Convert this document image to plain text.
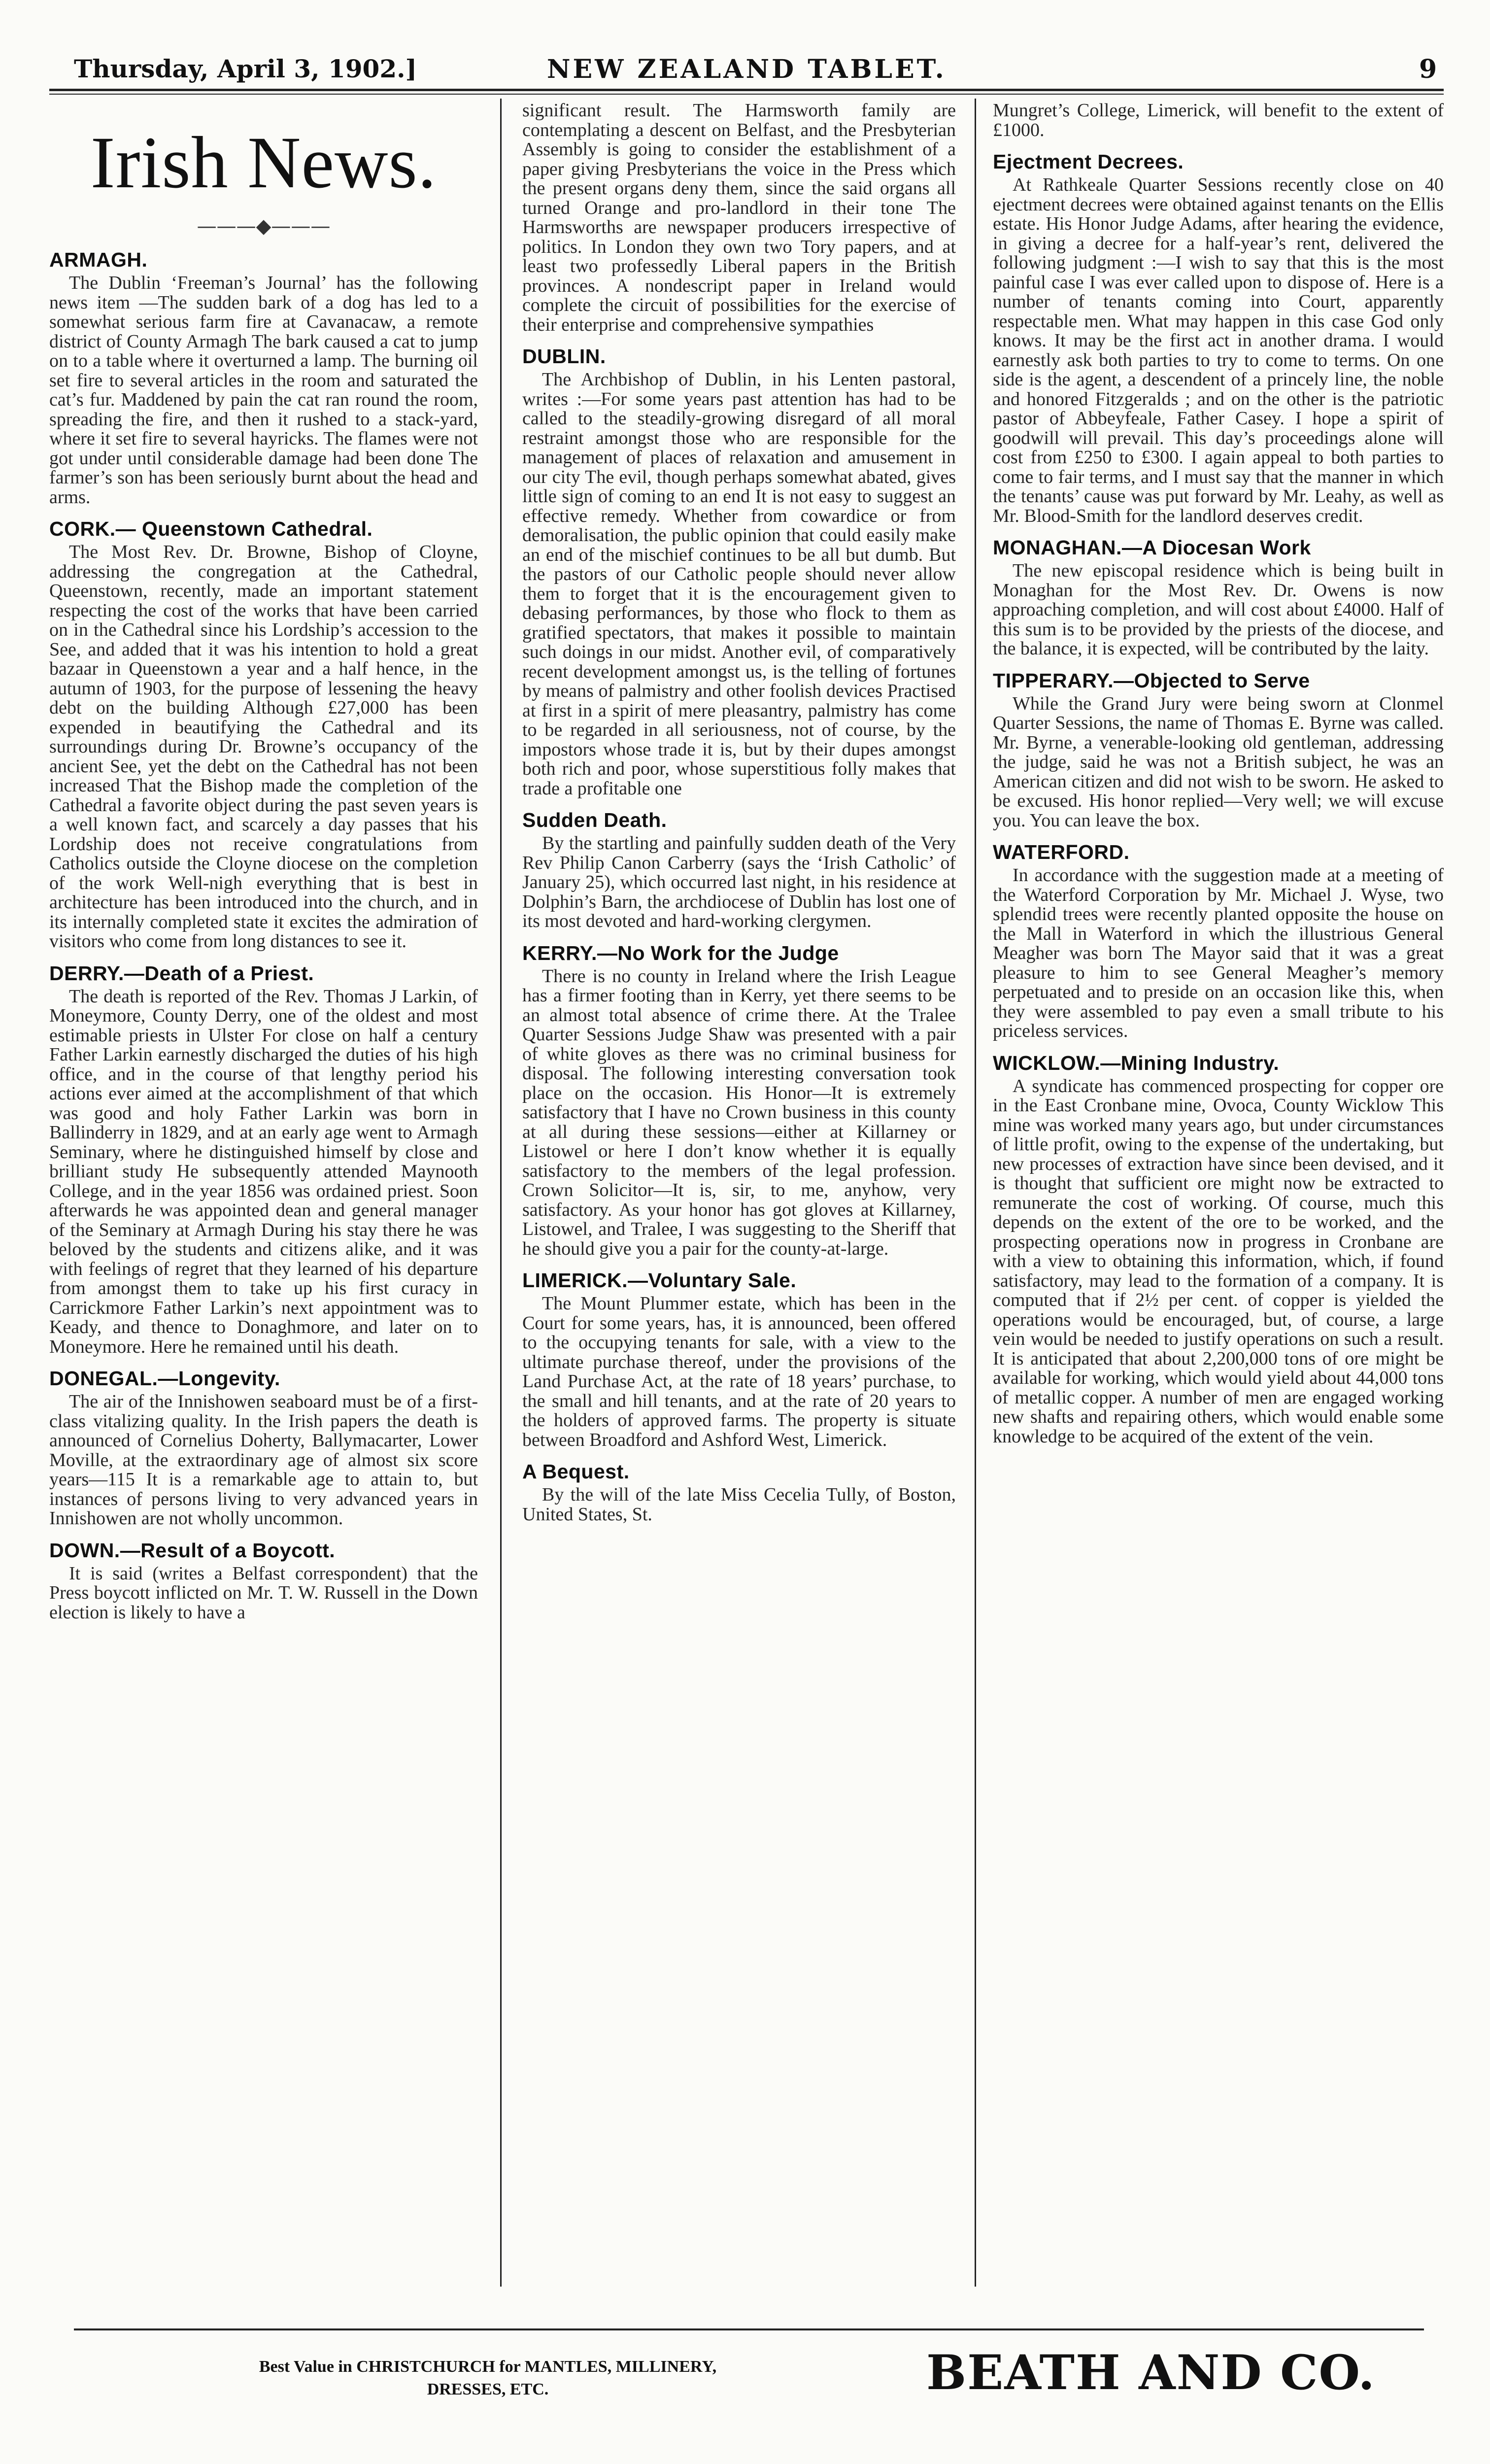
Thursday, April 3, 1902.]	NEW ZEALAND TABLET.	9
Irish News.
———◆———
ARMAGH.

The Dublin ‘Freeman’s Journal’ has the following news item —The sudden bark of a dog has led to a somewhat serious farm fire at Cavanacaw, a remote district of County Armagh The bark caused a cat to jump on to a table where it overturned a lamp. The burning oil set fire to several articles in the room and saturated the cat’s fur. Maddened by pain the cat ran round the room, spreading the fire, and then it rushed to a stack-yard, where it set fire to several hayricks. The flames were not got under until considerable damage had been done The farmer’s son has been seriously burnt about the head and arms.

CORK.— Queenstown Cathedral.

The Most Rev. Dr. Browne, Bishop of Cloyne, addressing the congregation at the Cathedral, Queenstown, recently, made an important statement respecting the cost of the works that have been carried on in the Cathedral since his Lordship’s accession to the See, and added that it was his intention to hold a great bazaar in Queenstown a year and a half hence, in the autumn of 1903, for the purpose of lessening the heavy debt on the building Although £27,000 has been expended in beautifying the Cathedral and its surroundings during Dr. Browne’s occupancy of the ancient See, yet the debt on the Cathedral has not been increased That the Bishop made the completion of the Cathedral a favorite object during the past seven years is a well known fact, and scarcely a day passes that his Lordship does not receive congratulations from Catholics outside the Cloyne diocese on the completion of the work Well-nigh everything that is best in architecture has been introduced into the church, and in its internally completed state it excites the admiration of visitors who come from long distances to see it.

DERRY.—Death of a Priest.

The death is reported of the Rev. Thomas J Larkin, of Moneymore, County Derry, one of the oldest and most estimable priests in Ulster For close on half a century Father Larkin earnestly discharged the duties of his high office, and in the course of that lengthy period his actions ever aimed at the accomplishment of that which was good and holy Father Larkin was born in Ballinderry in 1829, and at an early age went to Armagh Seminary, where he distinguished himself by close and brilliant study He subsequently attended Maynooth College, and in the year 1856 was ordained priest. Soon afterwards he was appointed dean and general manager of the Seminary at Armagh During his stay there he was beloved by the students and citizens alike, and it was with feelings of regret that they learned of his departure from amongst them to take up his first curacy in Carrickmore Father Larkin’s next appointment was to Keady, and thence to Donaghmore, and later on to Moneymore. Here he remained until his death.

DONEGAL.—Longevity.

The air of the Innishowen seaboard must be of a first-class vitalizing quality. In the Irish papers the death is announced of Cornelius Doherty, Ballymacarter, Lower Moville, at the extraordinary age of almost six score years—115 It is a remarkable age to attain to, but instances of persons living to very advanced years in Innishowen are not wholly uncommon.

DOWN.—Result of a Boycott.

It is said (writes a Belfast correspondent) that the Press boycott inflicted on Mr. T. W. Russell in the Down election is likely to have a

significant result. The Harmsworth family are contemplating a descent on Belfast, and the Presbyterian Assembly is going to consider the establishment of a paper giving Presbyterians the voice in the Press which the present organs deny them, since the said organs all turned Orange and pro-landlord in their tone The Harmsworths are newspaper producers irrespective of politics. In London they own two Tory papers, and at least two professedly Liberal papers in the British provinces. A nondescript paper in Ireland would complete the circuit of possibilities for the exercise of their enterprise and comprehensive sympathies

DUBLIN.

The Archbishop of Dublin, in his Lenten pastoral, writes :—For some years past attention has had to be called to the steadily-growing disregard of all moral restraint amongst those who are responsible for the management of places of relaxation and amusement in our city The evil, though perhaps somewhat abated, gives little sign of coming to an end It is not easy to suggest an effective remedy. Whether from cowardice or from demoralisation, the public opinion that could easily make an end of the mischief continues to be all but dumb. But the pastors of our Catholic people should never allow them to forget that it is the encouragement given to debasing performances, by those who flock to them as gratified spectators, that makes it possible to maintain such doings in our midst. Another evil, of comparatively recent development amongst us, is the telling of fortunes by means of palmistry and other foolish devices Practised at first in a spirit of mere pleasantry, palmistry has come to be regarded in all seriousness, not of course, by the impostors whose trade it is, but by their dupes amongst both rich and poor, whose superstitious folly makes that trade a profitable one

Sudden Death.

By the startling and painfully sudden death of the Very Rev Philip Canon Carberry (says the ‘Irish Catholic’ of January 25), which occurred last night, in his residence at Dolphin’s Barn, the archdiocese of Dublin has lost one of its most devoted and hard-working clergymen.

KERRY.—No Work for the Judge

There is no county in Ireland where the Irish League has a firmer footing than in Kerry, yet there seems to be an almost total absence of crime there. At the Tralee Quarter Sessions Judge Shaw was presented with a pair of white gloves as there was no criminal business for disposal. The following interesting conversation took place on the occasion. His Honor—It is extremely satisfactory that I have no Crown business in this county at all during these sessions—either at Killarney or Listowel or here I don’t know whether it is equally satisfactory to the members of the legal profession. Crown Solicitor—It is, sir, to me, anyhow, very satisfactory. As your honor has got gloves at Killarney, Listowel, and Tralee, I was suggesting to the Sheriff that he should give you a pair for the county-at-large.

LIMERICK.—Voluntary Sale.

The Mount Plummer estate, which has been in the Court for some years, has, it is announced, been offered to the occupying tenants for sale, with a view to the ultimate purchase thereof, under the provisions of the Land Purchase Act, at the rate of 18 years’ purchase, to the small and hill tenants, and at the rate of 20 years to the holders of approved farms. The property is situate between Broadford and Ashford West, Limerick.

A Bequest.

By the will of the late Miss Cecelia Tully, of Boston, United States, St.

Mungret’s College, Limerick, will benefit to the extent of £1000.

Ejectment Decrees.

At Rathkeale Quarter Sessions recently close on 40 ejectment decrees were obtained against tenants on the Ellis estate. His Honor Judge Adams, after hearing the evidence, in giving a decree for a half-year’s rent, delivered the following judgment :—I wish to say that this is the most painful case I was ever called upon to dispose of. Here is a number of tenants coming into Court, apparently respectable men. What may happen in this case God only knows. It may be the first act in another drama. I would earnestly ask both parties to try to come to terms. On one side is the agent, a descendent of a princely line, the noble and honored Fitzgeralds ; and on the other is the patriotic pastor of Abbeyfeale, Father Casey. I hope a spirit of goodwill will prevail. This day’s proceedings alone will cost from £250 to £300. I again appeal to both parties to come to fair terms, and I must say that the manner in which the tenants’ cause was put forward by Mr. Leahy, as well as Mr. Blood-Smith for the landlord deserves credit.

MONAGHAN.—A Diocesan Work

The new episcopal residence which is being built in Monaghan for the Most Rev. Dr. Owens is now approaching completion, and will cost about £4000. Half of this sum is to be provided by the priests of the diocese, and the balance, it is expected, will be contributed by the laity.

TIPPERARY.—Objected to Serve

While the Grand Jury were being sworn at Clonmel Quarter Sessions, the name of Thomas E. Byrne was called. Mr. Byrne, a venerable-looking old gentleman, addressing the judge, said he was not a British subject, he was an American citizen and did not wish to be sworn. He asked to be excused. His honor replied—Very well; we will excuse you. You can leave the box.

WATERFORD.

In accordance with the suggestion made at a meeting of the Waterford Corporation by Mr. Michael J. Wyse, two splendid trees were recently planted opposite the house on the Mall in Waterford in which the illustrious General Meagher was born The Mayor said that it was a great pleasure to him to see General Meagher’s memory perpetuated and to preside on an occasion like this, when they were assembled to pay even a small tribute to his priceless services.

WICKLOW.—Mining Industry.

A syndicate has commenced prospecting for copper ore in the East Cronbane mine, Ovoca, County Wicklow This mine was worked many years ago, but under circumstances of little profit, owing to the expense of the undertaking, but new processes of extraction have since been devised, and it is thought that sufficient ore might now be extracted to remunerate the cost of working. Of course, much this depends on the extent of the ore to be worked, and the prospecting operations now in progress in Cronbane are with a view to obtaining this information, which, if found satisfactory, may lead to the formation of a company. It is computed that if 2½ per cent. of copper is yielded the operations would be encouraged, but, of course, a large vein would be needed to justify operations on such a result. It is anticipated that about 2,200,000 tons of ore might be available for working, which would yield about 44,000 tons of metallic copper. A number of men are engaged working new shafts and repairing others, which would enable some knowledge to be acquired of the extent of the vein.

Best Value in CHRISTCHURCH for MANTLES, MILLINERY,
DRESSES, ETC.	BEATH AND CO.
